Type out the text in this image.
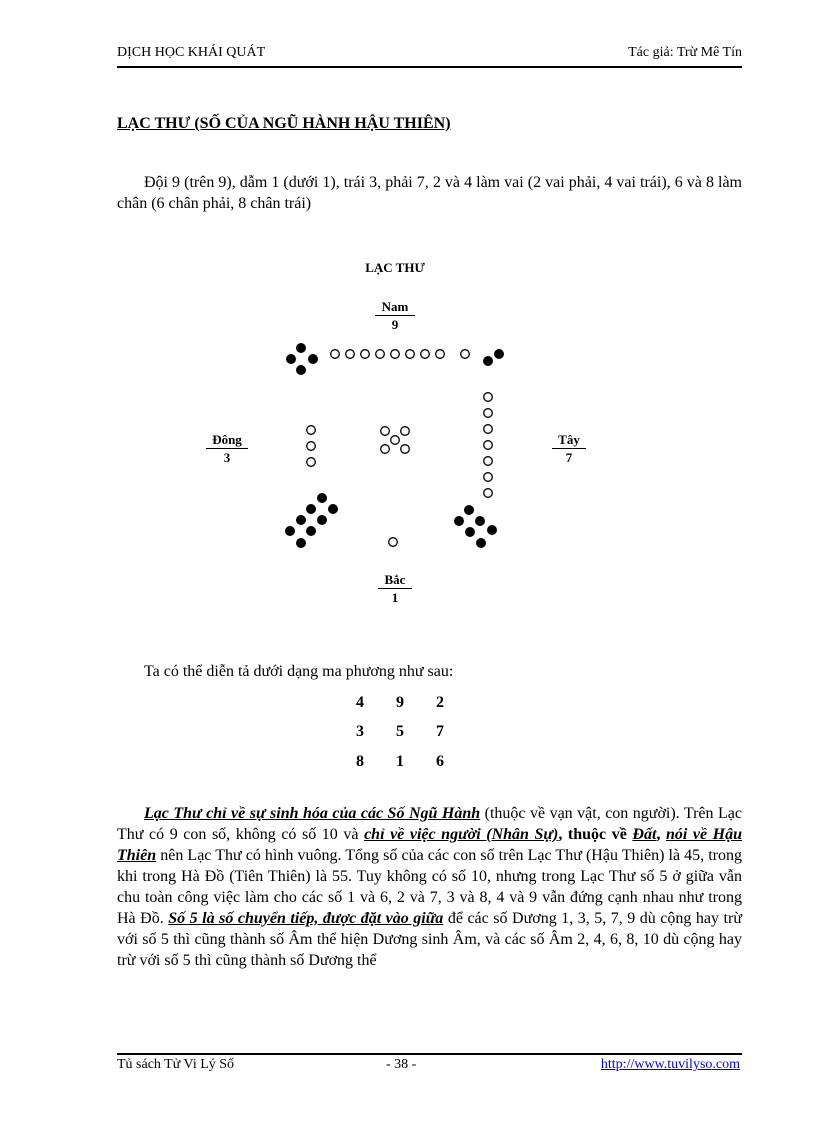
DỊCH HỌC KHÁI QUÁT	Tác giả: Trừ Mê Tín
LẠC THƯ (SỐ CỦA NGŨ HÀNH HẬU THIÊN)

Đội 9 (trên 9), dẫm 1 (dưới 1), trái 3, phải 7, 2 và 4 làm vai (2 vai phải, 4 vai trái), 6 và 8 làm chân (6 chân phải, 8 chân trái)

LẠC THƯ
Nam
9
Đông
3
Tây
7
Bắc
1

Ta có thể diễn tả dưới dạng ma phương như sau:

4	9	2
3	5	7
8	1	6

Lạc Thư chỉ về sự sinh hóa của các Số Ngũ Hành (thuộc về vạn vật, con người). Trên Lạc Thư có 9 con số, không có số 10 và chỉ về việc người (Nhân Sự), thuộc về Đất, nói về Hậu Thiên nên Lạc Thư có hình vuông. Tổng số của các con số trên Lạc Thư (Hậu Thiên) là 45, trong khi trong Hà Đồ (Tiên Thiên) là 55. Tuy không có số 10, nhưng trong Lạc Thư số 5 ở giữa vẫn chu toàn công việc làm cho các số 1 và 6, 2 và 7, 3 và 8, 4 và 9 vẫn đứng cạnh nhau như trong Hà Đồ. Số 5 là số chuyển tiếp, được đặt vào giữa để các số Dương 1, 3, 5, 7, 9 dù cộng hay trừ với số 5 thì cũng thành số Âm thể hiện Dương sinh Âm, và các số Âm 2, 4, 6, 8, 10 dù cộng hay trừ với số 5 thì cũng thành số Dương thể

Tủ sách Tử Vi Lý Số	- 38 -	http://www.tuvilyso.com
